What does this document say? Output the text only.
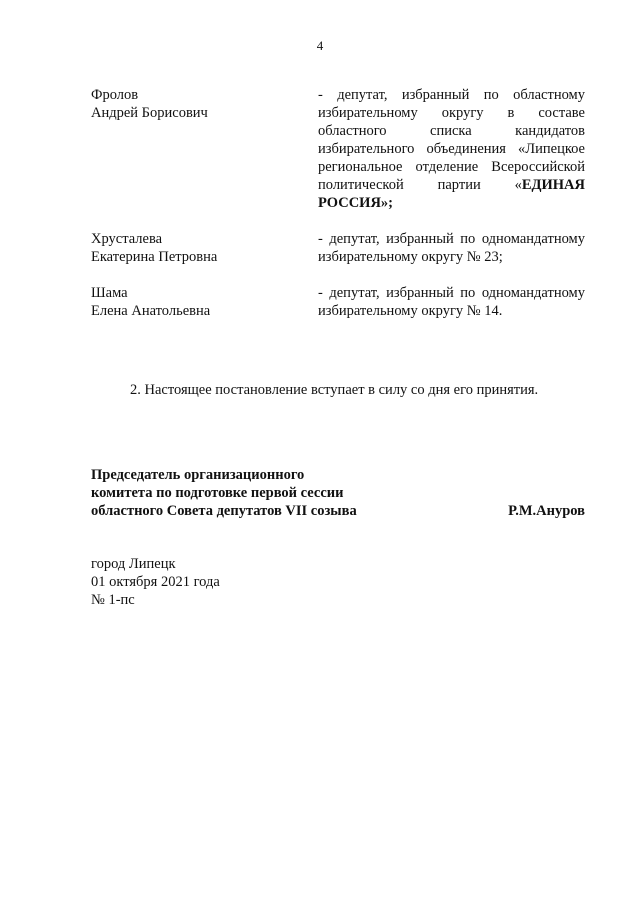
4
Фролов
Андрей Борисович
- депутат, избранный по областному избирательному округу в составе областного списка кандидатов избирательного объединения «Липецкое региональное отделение Всероссийской политической партии «ЕДИНАЯ РОССИЯ»;
Хрусталева
Екатерина Петровна
- депутат, избранный по одномандатному избирательному округу № 23;
Шама
Елена Анатольевна
- депутат, избранный по одномандатному избирательному округу № 14.
2. Настоящее постановление вступает в силу со дня его принятия.
Председатель организационного
комитета по подготовке первой сессии
областного Совета депутатов VII созыва	Р.М.Ануров
город Липецк
01 октября 2021 года
№ 1-пс
